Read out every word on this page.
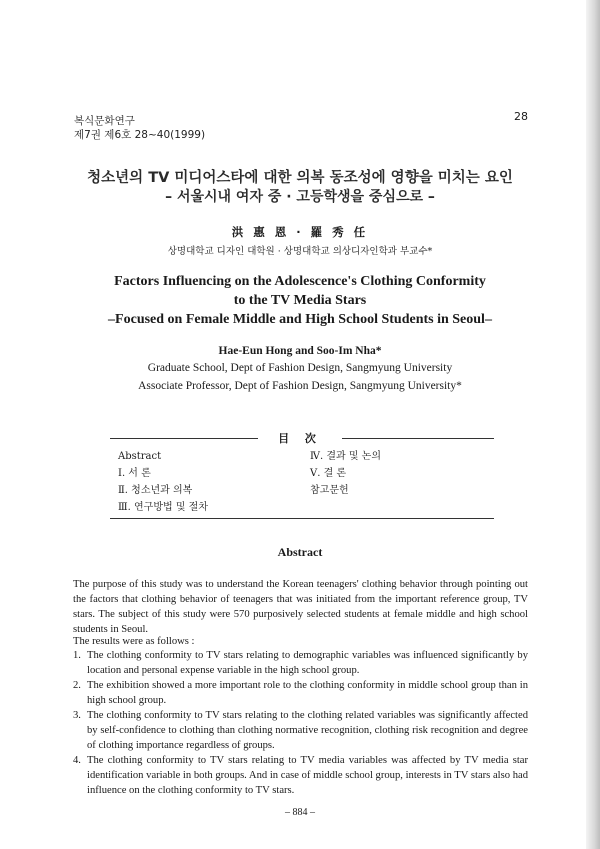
복식문화연구
제7권 제6호 28~40(1999)
28
청소년의 TV 미디어스타에 대한 의복 동조성에 영향을 미치는 요인
– 서울시내 여자 중 · 고등학생을 중심으로 –
洪 惠 恩 · 羅 秀 任
상명대학교 디자인 대학원 · 상명대학교 의상디자인학과 부교수*
Factors Influencing on the Adolescence's Clothing Conformity
to the TV Media Stars
–Focused on Female Middle and High School Students in Seoul–
Hae-Eun Hong and Soo-Im Nha*
Graduate School, Dept of Fashion Design, Sangmyung University
Associate Professor, Dept of Fashion Design, Sangmyung University*
目 次
Abstract
Ⅰ. 서 론
Ⅱ. 청소년과 의복
Ⅲ. 연구방법 및 절차
Ⅳ. 결과 및 논의
Ⅴ. 결 론
참고문헌
Abstract
The purpose of this study was to understand the Korean teenagers' clothing behavior through pointing out the factors that clothing behavior of teenagers that was initiated from the important reference group, TV stars. The subject of this study were 570 purposively selected students at female middle and high school students in Seoul.
The results were as follows :
1. The clothing conformity to TV stars relating to demographic variables was influenced significantly by location and personal expense variable in the high school group.
2. The exhibition showed a more important role to the clothing conformity in middle school group than in high school group.
3. The clothing conformity to TV stars relating to the clothing related variables was significantly affected by self-confidence to clothing than clothing normative recognition, clothing risk recognition and degree of clothing importance regardless of groups.
4. The clothing conformity to TV stars relating to TV media variables was affected by TV media star identification variable in both groups. And in case of middle school group, interests in TV stars also had influence on the clothing conformity to TV stars.
– 884 –
